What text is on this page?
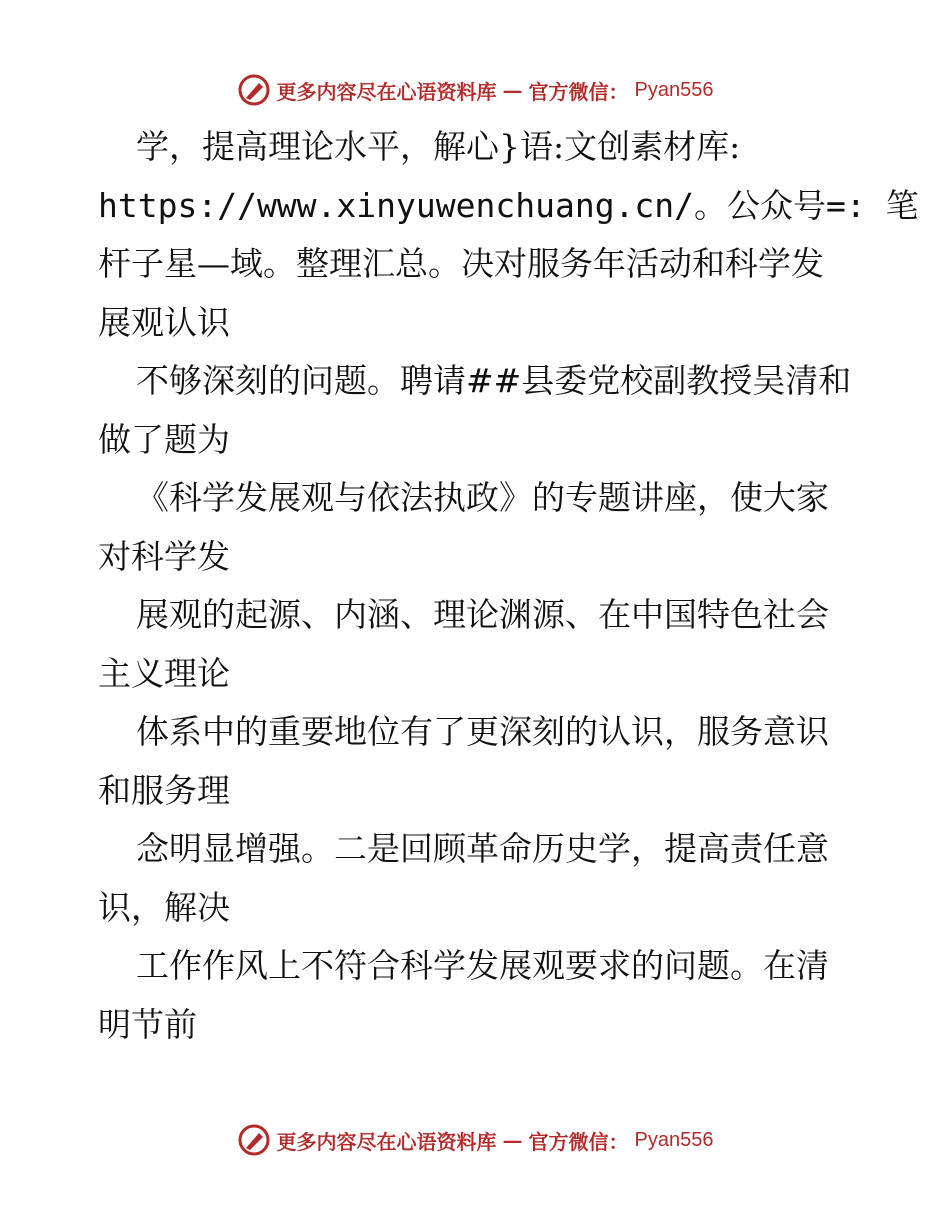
更多内容尽在心语资料库 — 官方微信： Pyan556
学，提高理论水平，解心}语:文创素材库:
https://www.xinyuwenchuang.cn/。公众号=: 笔
杆子星—域。整理汇总。决对服务年活动和科学发
展观认识
不够深刻的问题。聘请##县委党校副教授吴清和
做了题为
《科学发展观与依法执政》的专题讲座，使大家
对科学发
展观的起源、内涵、理论渊源、在中国特色社会
主义理论
体系中的重要地位有了更深刻的认识，服务意识
和服务理
念明显增强。二是回顾革命历史学，提高责任意
识，解决
工作作风上不符合科学发展观要求的问题。在清
明节前
更多内容尽在心语资料库 — 官方微信： Pyan556
